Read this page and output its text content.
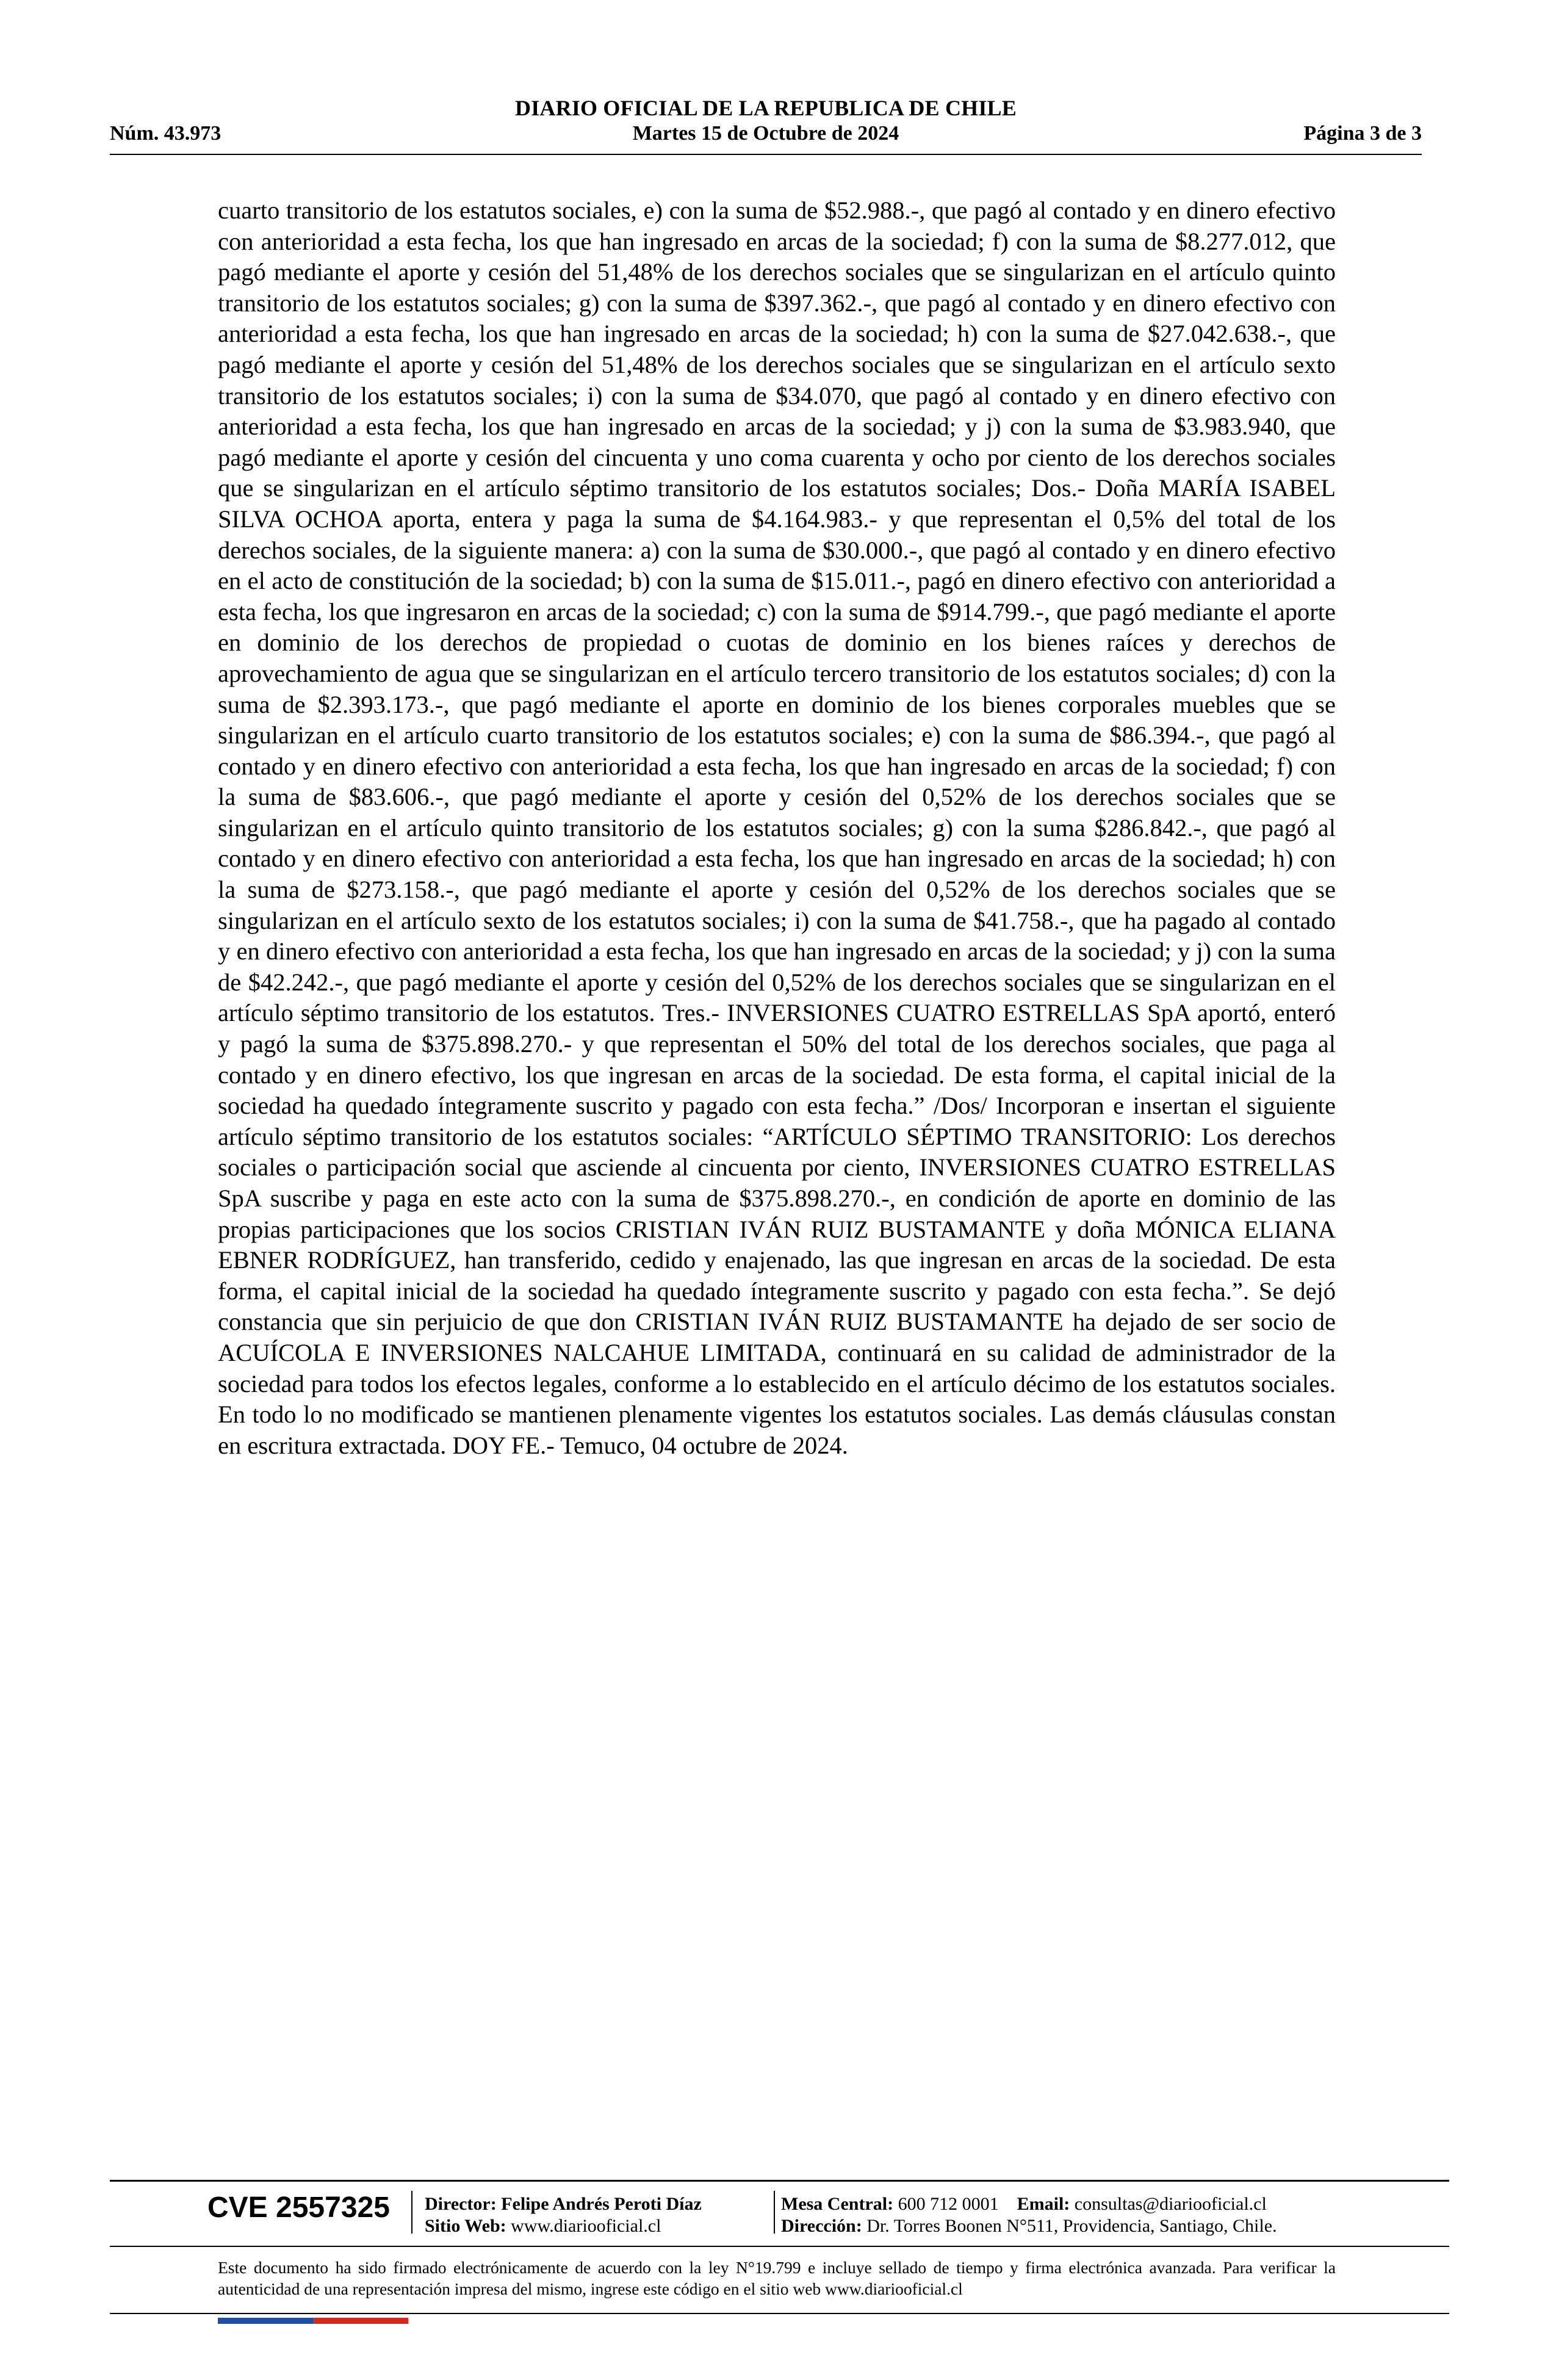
DIARIO OFICIAL DE LA REPUBLICA DE CHILE
Núm. 43.973	Martes 15 de Octubre de 2024	Página 3 de 3
cuarto transitorio de los estatutos sociales, e) con la suma de $52.988.-, que pagó al contado y en dinero efectivo con anterioridad a esta fecha, los que han ingresado en arcas de la sociedad; f) con la suma de $8.277.012, que pagó mediante el aporte y cesión del 51,48% de los derechos sociales que se singularizan en el artículo quinto transitorio de los estatutos sociales; g) con la suma de $397.362.-, que pagó al contado y en dinero efectivo con anterioridad a esta fecha, los que han ingresado en arcas de la sociedad; h) con la suma de $27.042.638.-, que pagó mediante el aporte y cesión del 51,48% de los derechos sociales que se singularizan en el artículo sexto transitorio de los estatutos sociales; i) con la suma de $34.070, que pagó al contado y en dinero efectivo con anterioridad a esta fecha, los que han ingresado en arcas de la sociedad; y j) con la suma de $3.983.940, que pagó mediante el aporte y cesión del cincuenta y uno coma cuarenta y ocho por ciento de los derechos sociales que se singularizan en el artículo séptimo transitorio de los estatutos sociales; Dos.- Doña MARÍA ISABEL SILVA OCHOA aporta, entera y paga la suma de $4.164.983.- y que representan el 0,5% del total de los derechos sociales, de la siguiente manera: a) con la suma de $30.000.-, que pagó al contado y en dinero efectivo en el acto de constitución de la sociedad; b) con la suma de $15.011.-, pagó en dinero efectivo con anterioridad a esta fecha, los que ingresaron en arcas de la sociedad; c) con la suma de $914.799.-, que pagó mediante el aporte en dominio de los derechos de propiedad o cuotas de dominio en los bienes raíces y derechos de aprovechamiento de agua que se singularizan en el artículo tercero transitorio de los estatutos sociales; d) con la suma de $2.393.173.-, que pagó mediante el aporte en dominio de los bienes corporales muebles que se singularizan en el artículo cuarto transitorio de los estatutos sociales; e) con la suma de $86.394.-, que pagó al contado y en dinero efectivo con anterioridad a esta fecha, los que han ingresado en arcas de la sociedad; f) con la suma de $83.606.-, que pagó mediante el aporte y cesión del 0,52% de los derechos sociales que se singularizan en el artículo quinto transitorio de los estatutos sociales; g) con la suma $286.842.-, que pagó al contado y en dinero efectivo con anterioridad a esta fecha, los que han ingresado en arcas de la sociedad; h) con la suma de $273.158.-, que pagó mediante el aporte y cesión del 0,52% de los derechos sociales que se singularizan en el artículo sexto de los estatutos sociales; i) con la suma de $41.758.-, que ha pagado al contado y en dinero efectivo con anterioridad a esta fecha, los que han ingresado en arcas de la sociedad; y j) con la suma de $42.242.-, que pagó mediante el aporte y cesión del 0,52% de los derechos sociales que se singularizan en el artículo séptimo transitorio de los estatutos. Tres.- INVERSIONES CUATRO ESTRELLAS SpA aportó, enteró y pagó la suma de $375.898.270.- y que representan el 50% del total de los derechos sociales, que paga al contado y en dinero efectivo, los que ingresan en arcas de la sociedad. De esta forma, el capital inicial de la sociedad ha quedado íntegramente suscrito y pagado con esta fecha.” /Dos/ Incorporan e insertan el siguiente artículo séptimo transitorio de los estatutos sociales: “ARTÍCULO SÉPTIMO TRANSITORIO: Los derechos sociales o participación social que asciende al cincuenta por ciento, INVERSIONES CUATRO ESTRELLAS SpA suscribe y paga en este acto con la suma de $375.898.270.-, en condición de aporte en dominio de las propias participaciones que los socios CRISTIAN IVÁN RUIZ BUSTAMANTE y doña MÓNICA ELIANA EBNER RODRÍGUEZ, han transferido, cedido y enajenado, las que ingresan en arcas de la sociedad. De esta forma, el capital inicial de la sociedad ha quedado íntegramente suscrito y pagado con esta fecha.”. Se dejó constancia que sin perjuicio de que don CRISTIAN IVÁN RUIZ BUSTAMANTE ha dejado de ser socio de ACUÍCOLA E INVERSIONES NALCAHUE LIMITADA, continuará en su calidad de administrador de la sociedad para todos los efectos legales, conforme a lo establecido en el artículo décimo de los estatutos sociales. En todo lo no modificado se mantienen plenamente vigentes los estatutos sociales. Las demás cláusulas constan en escritura extractada. DOY FE.- Temuco, 04 octubre de 2024.
CVE 2557325 Director: Felipe Andrés Peroti Díaz
Sitio Web: www.diariooficial.cl
Mesa Central: 600 712 0001 Email: consultas@diariooficial.cl
Dirección: Dr. Torres Boonen N°511, Providencia, Santiago, Chile.
Este documento ha sido firmado electrónicamente de acuerdo con la ley N°19.799 e incluye sellado de tiempo y firma electrónica avanzada. Para verificar la autenticidad de una representación impresa del mismo, ingrese este código en el sitio web www.diariooficial.cl
